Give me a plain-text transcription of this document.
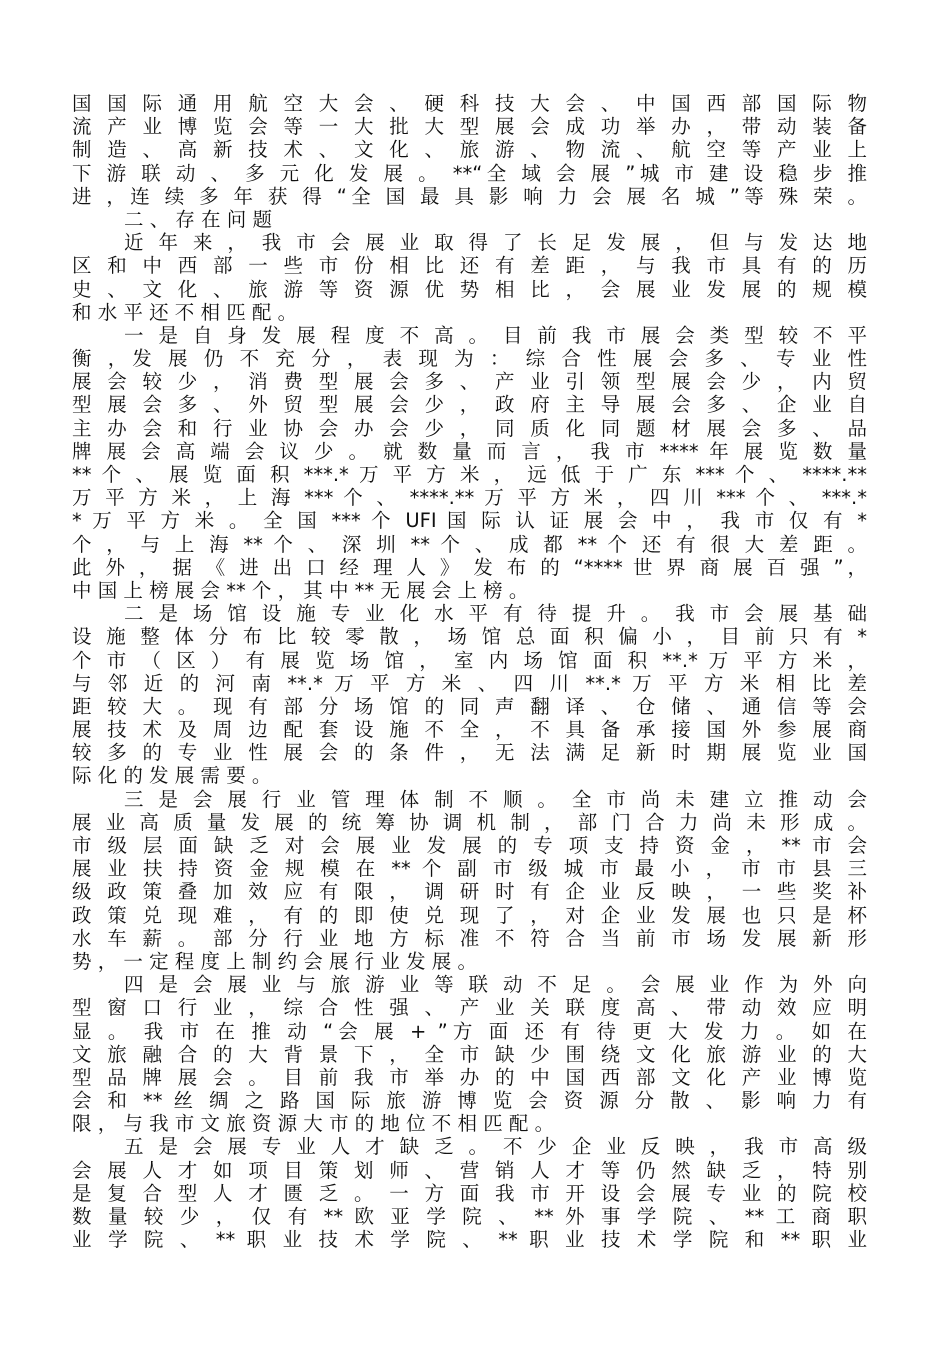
国 国 际 通 用 航 空 大 会 、 硬 科 技 大 会 、 中 国 西 部 国 际 物
流 产 业 博 览 会 等 一 大 批 大 型 展 会 成 功 举 办 ， 带 动 装 备
制 造 、 高 新 技 术 、 文 化 、 旅 游 、 物 流 、 航 空 等 产 业 上
下 游 联 动 、 多 元 化 发 展 。 **“全 域 会 展 ”城 市 建 设 稳 步 推
进 ，连 续 多 年 获 得 “全 国 最 具 影 响 力 会 展 名 城 ”等 殊 荣 。
二 、 存 在 问 题
近 年 来 ， 我 市 会 展 业 取 得 了 长 足 发 展 ， 但 与 发 达 地
区 和 中 西 部 一 些 市 份 相 比 还 有 差 距 ， 与 我 市 具 有 的 历
史 、 文 化 、 旅 游 等 资 源 优 势 相 比 ， 会 展 业 发 展 的 规 模
和 水 平 还 不 相 匹 配 。
一 是 自 身 发 展 程 度 不 高 。 目 前 我 市 展 会 类 型 较 不 平
衡 ，发 展 仍 不 充 分 ， 表 现 为 ： 综 合 性 展 会 多 、 专 业 性
展 会 较 少 ， 消 费 型 展 会 多 、 产 业 引 领 型 展 会 少 ， 内 贸
型 展 会 多 、 外 贸 型 展 会 少 ， 政 府 主 导 展 会 多 、 企 业 自
主 办 会 和 行 业 协 会 办 会 少 ， 同 质 化 同 题 材 展 会 多 、 品
牌 展 会 高 端 会 议 少 。 就 数 量 而 言 ， 我 市 **** 年 展 览 数 量
** 个 、 展 览 面 积 ***.* 万 平 方 米 ， 远 低 于 广 东 *** 个 、 ****.**
万 平 方 米 ， 上 海 *** 个 、 ****.** 万 平 方 米 ， 四 川 *** 个 、 ***.*
* 万 平 方 米 。 全 国 *** 个 UFI 国 际 认 证 展 会 中 ， 我 市 仅 有 *
个 ， 与 上 海 ** 个 、 深 圳 ** 个 、 成 都 ** 个 还 有 很 大 差 距 。
此 外 ， 据 《 进 出 口 经 理 人 》 发 布 的 “**** 世 界 商 展 百 强 ”，
中 国 上 榜 展 会 ** 个 ， 其 中 ** 无 展 会 上 榜 。
二 是 场 馆 设 施 专 业 化 水 平 有 待 提 升 。 我 市 会 展 基 础
设 施 整 体 分 布 比 较 零 散 ， 场 馆 总 面 积 偏 小 ， 目 前 只 有 *
个 市 （ 区 ） 有 展 览 场 馆 ， 室 内 场 馆 面 积 **.* 万 平 方 米 ，
与 邻 近 的 河 南 **.* 万 平 方 米 、 四 川 **.* 万 平 方 米 相 比 差
距 较 大 。 现 有 部 分 场 馆 的 同 声 翻 译 、 仓 储 、 通 信 等 会
展 技 术 及 周 边 配 套 设 施 不 全 ， 不 具 备 承 接 国 外 参 展 商
较 多 的 专 业 性 展 会 的 条 件 ， 无 法 满 足 新 时 期 展 览 业 国
际 化 的 发 展 需 要 。
三 是 会 展 行 业 管 理 体 制 不 顺 。 全 市 尚 未 建 立 推 动 会
展 业 高 质 量 发 展 的 统 筹 协 调 机 制 ， 部 门 合 力 尚 未 形 成 。
市 级 层 面 缺 乏 对 会 展 业 发 展 的 专 项 支 持 资 金 ， ** 市 会
展 业 扶 持 资 金 规 模 在 ** 个 副 市 级 城 市 最 小 ， 市 市 县 三
级 政 策 叠 加 效 应 有 限 ， 调 研 时 有 企 业 反 映 ， 一 些 奖 补
政 策 兑 现 难 ， 有 的 即 使 兑 现 了 ， 对 企 业 发 展 也 只 是 杯
水 车 薪 。 部 分 行 业 地 方 标 准 不 符 合 当 前 市 场 发 展 新 形
势 ， 一 定 程 度 上 制 约 会 展 行 业 发 展 。
四 是 会 展 业 与 旅 游 业 等 联 动 不 足 。 会 展 业 作 为 外 向
型 窗 口 行 业 ， 综 合 性 强 、 产 业 关 联 度 高 、 带 动 效 应 明
显 。 我 市 在 推 动 “会 展 + ”方 面 还 有 待 更 大 发 力 。 如 在
文 旅 融 合 的 大 背 景 下 ， 全 市 缺 少 围 绕 文 化 旅 游 业 的 大
型 品 牌 展 会 。 目 前 我 市 举 办 的 中 国 西 部 文 化 产 业 博 览
会 和 ** 丝 绸 之 路 国 际 旅 游 博 览 会 资 源 分 散 、 影 响 力 有
限 ， 与 我 市 文 旅 资 源 大 市 的 地 位 不 相 匹 配 。
五 是 会 展 专 业 人 才 缺 乏 。 不 少 企 业 反 映 ， 我 市 高 级
会 展 人 才 如 项 目 策 划 师 、 营 销 人 才 等 仍 然 缺 乏 ， 特 别
是 复 合 型 人 才 匮 乏 。 一 方 面 我 市 开 设 会 展 专 业 的 院 校
数 量 较 少 ， 仅 有 ** 欧 亚 学 院 、 ** 外 事 学 院 、 ** 工 商 职
业 学 院 、 ** 职 业 技 术 学 院 、 ** 职 业 技 术 学 院 和 ** 职 业
